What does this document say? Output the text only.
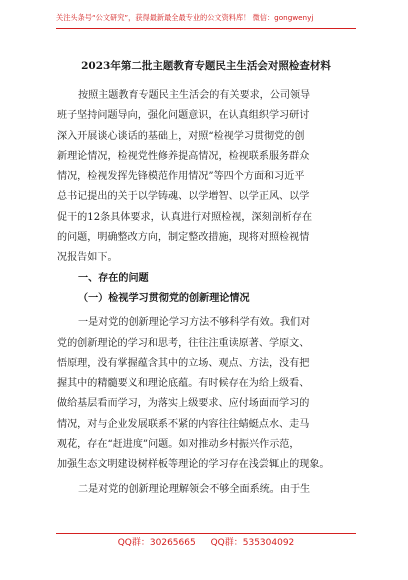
关注头条号“公文研究”，获得最新最全最专业的公文资料库！ 微信：gongwenyj
2023年第二批主题教育专题民主生活会对照检查材料
按照主题教育专题民主生活会的有关要求，公司领导
班子坚持问题导向，强化问题意识，在认真组织学习研讨
深入开展谈心谈话的基础上，对照“检视学习贯彻党的创
新理论情况，检视党性修养提高情况，检视联系服务群众
情况，检视发挥先锋模范作用情况”等四个方面和习近平
总书记提出的关于以学铸魂、以学增智、以学正风、以学
促干的12条具体要求，认真进行对照检视，深刻剖析存在
的问题，明确整改方向，制定整改措施，现将对照检视情
况报告如下。
一、存在的问题
（一）检视学习贯彻党的创新理论情况
一是对党的创新理论学习方法不够科学有效。我们对
党的创新理论的学习和思考，往往注重读原著、学原文、
悟原理，没有掌握蕴含其中的立场、观点、方法，没有把
握其中的精髓要义和理论底蕴。有时候存在为给上级看、
做给基层看而学习，为落实上级要求、应付场面而学习的
情况，对与企业发展联系不紧的内容往往蜻蜓点水、走马
观花，存在“赶进度”问题。如对推动乡村振兴作示范，
加强生态文明建设树样板等理论的学习存在浅尝辄止的现象。
二是对党的创新理论理解领会不够全面系统。由于生
QQ群：30265665 QQ群：535304092
